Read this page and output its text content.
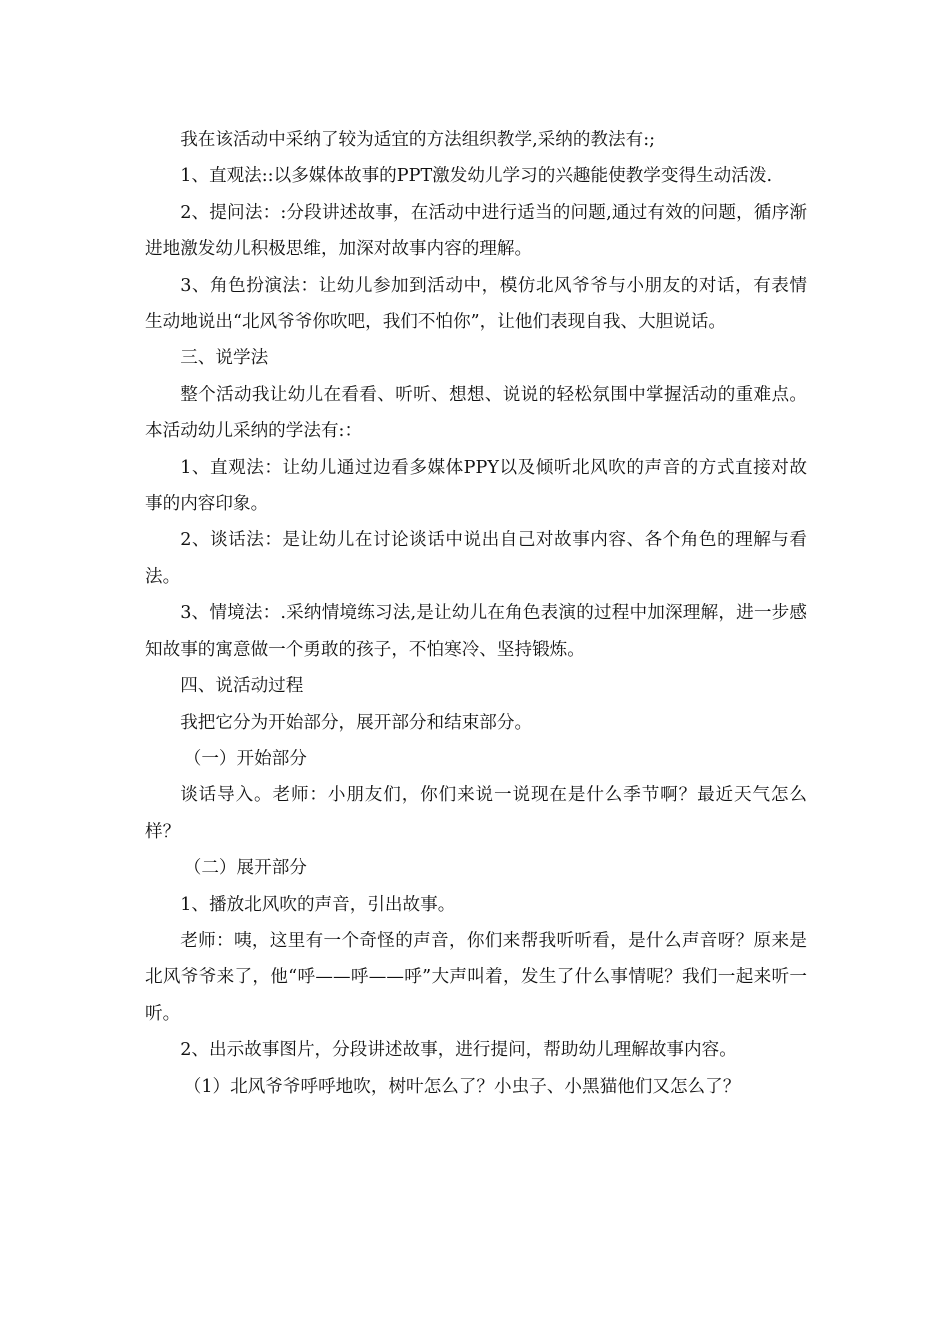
我在该活动中采纳了较为适宜的方法组织教学,采纳的教法有:;

1、直观法::以多媒体故事的PPT激发幼儿学习的兴趣能使教学变得生动活泼.

2、提问法：:分段讲述故事，在活动中进行适当的问题,通过有效的问题，循序渐进地激发幼儿积极思维，加深对故事内容的理解。

3、角色扮演法：让幼儿参加到活动中，模仿北风爷爷与小朋友的对话，有表情生动地说出“北风爷爷你吹吧，我们不怕你”，让他们表现自我、大胆说话。

三、说学法

整个活动我让幼儿在看看、听听、想想、说说的轻松氛围中掌握活动的重难点。本活动幼儿采纳的学法有:：

1、直观法：让幼儿通过边看多媒体PPY以及倾听北风吹的声音的方式直接对故事的内容印象。

2、谈话法：是让幼儿在讨论谈话中说出自己对故事内容、各个角色的理解与看法。

3、情境法：.采纳情境练习法,是让幼儿在角色表演的过程中加深理解，进一步感知故事的寓意做一个勇敢的孩子，不怕寒冷、坚持锻炼。

四、说活动过程

我把它分为开始部分，展开部分和结束部分。

（一）开始部分

谈话导入。老师：小朋友们，你们来说一说现在是什么季节啊？最近天气怎么样？

（二）展开部分

1、播放北风吹的声音，引出故事。

老师：咦，这里有一个奇怪的声音，你们来帮我听听看，是什么声音呀？原来是北风爷爷来了，他“呼——呼——呼”大声叫着，发生了什么事情呢？我们一起来听一听。

2、出示故事图片，分段讲述故事，进行提问，帮助幼儿理解故事内容。

（1）北风爷爷呼呼地吹，树叶怎么了？小虫子、小黑猫他们又怎么了？
